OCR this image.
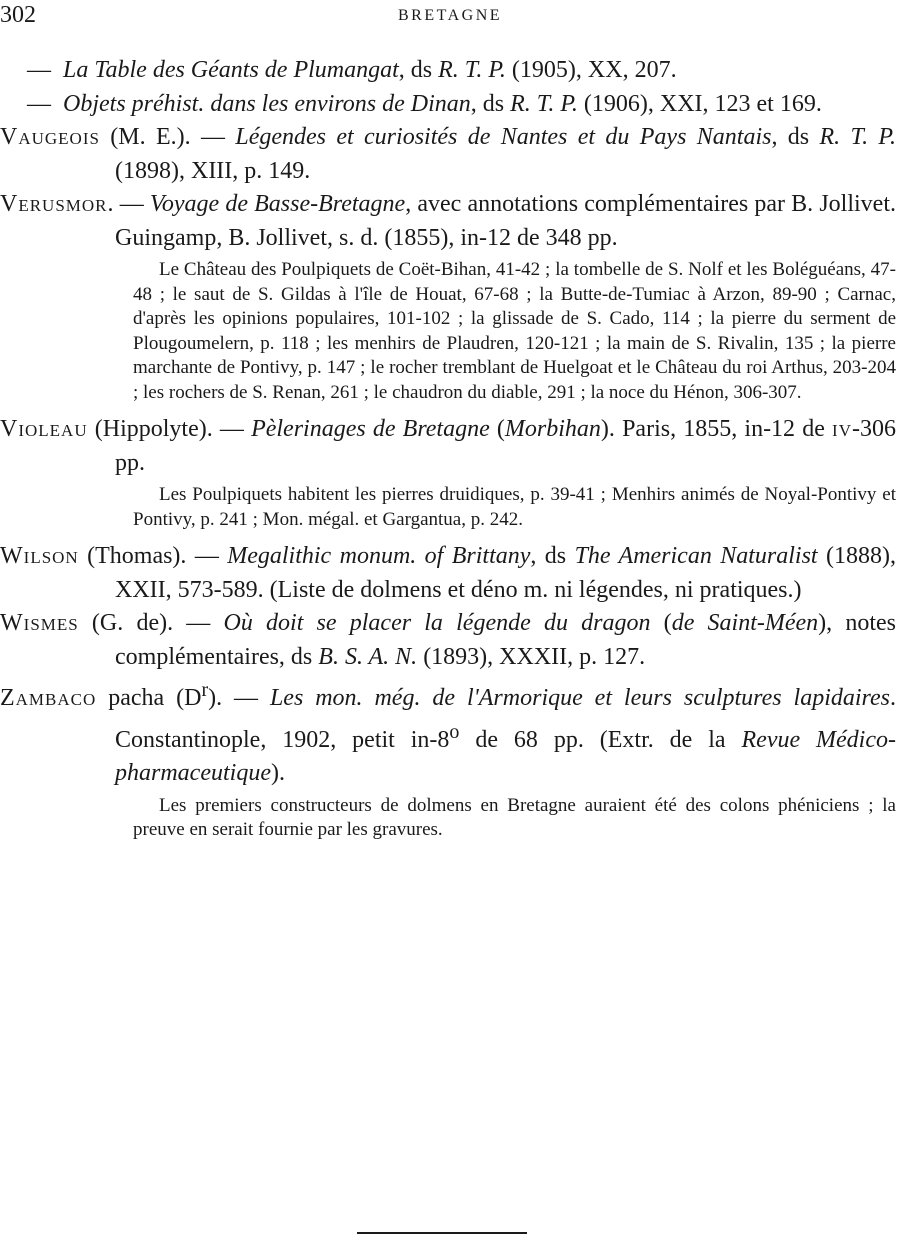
302	BRETAGNE
— La Table des Géants de Plumangat, ds R. T. P. (1905), XX, 207.
— Objets préhist. dans les environs de Dinan, ds R. T. P. (1906), XXI, 123 et 169.
Vaugeois (M. E.). — Légendes et curiosités de Nantes et du Pays Nantais, ds R. T. P. (1898), XIII, p. 149.
Verusmor. — Voyage de Basse-Bretagne, avec annotations complémentaires par B. Jollivet. Guingamp, B. Jollivet, s. d. (1855), in-12 de 348 pp.
Le Château des Poulpiquets de Coët-Bihan, 41-42 ; la tombelle de S. Nolf et les Boléguéans, 47-48 ; le saut de S. Gildas à l'île de Houat, 67-68 ; la Butte-de-Tumiac à Arzon, 89-90 ; Carnac, d'après les opinions populaires, 101-102 ; la glissade de S. Cado, 114 ; la pierre du serment de Plougoumelern, p. 118 ; les menhirs de Plaudren, 120-121 ; la main de S. Rivalin, 135 ; la pierre marchante de Pontivy, p. 147 ; le rocher tremblant de Huelgoat et le Château du roi Arthus, 203-204 ; les rochers de S. Renan, 261 ; le chaudron du diable, 291 ; la noce du Hénon, 306-307.
Violeau (Hippolyte). — Pèlerinages de Bretagne (Morbihan). Paris, 1855, in-12 de iv-306 pp.
Les Poulpiquets habitent les pierres druidiques, p. 39-41 ; Menhirs animés de Noyal-Pontivy et Pontivy, p. 241 ; Mon. mégal. et Gargantua, p. 242.
Wilson (Thomas). — Megalithic monum. of Brittany, ds The American Naturalist (1888), XXII, 573-589. (Liste de dolmens et déno m. ni légendes, ni pratiques.)
Wismes (G. de). — Où doit se placer la légende du dragon (de Saint-Méen), notes complémentaires, ds B. S. A. N. (1893), XXXII, p. 127.
Zambaco pacha $(D^r)$. — Les mon. még. de l'Armorique et leurs sculptures lapidaires. Constantinople, 1902, petit in-8$^o$ de 68 pp. (Extr. de la Revue Médico-pharmaceutique).
Les premiers constructeurs de dolmens en Bretagne auraient été des colons phéniciens ; la preuve en serait fournie par les gravures.
